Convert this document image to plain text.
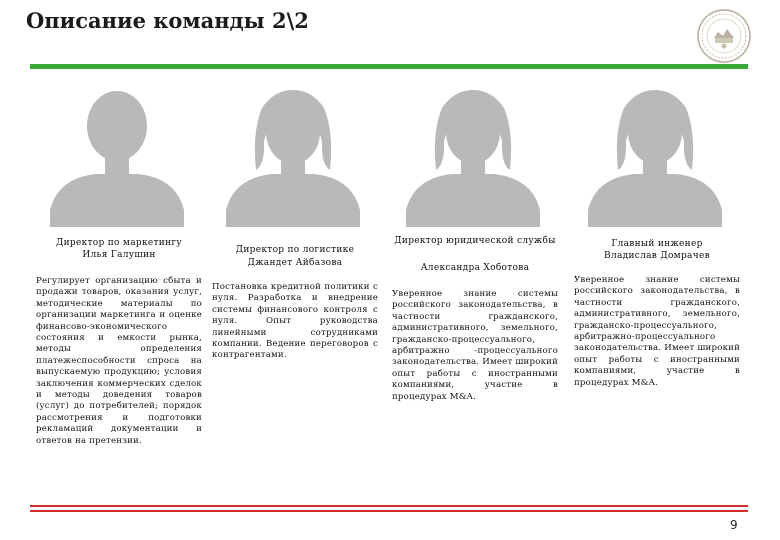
Описание команды 2\2
Директор по маркетингу
Илья Галушин
Регулирует организацию сбыта и продажи товаров, оказания услуг, методические материалы по организации маркетинга и оценке финансово-экономического состояния и емкости рынка, методы определения платежеспособности спроса на выпускаемую продукцию; условия заключения коммерческих сделок и методы доведения товаров (услуг) до потребителей; порядок рассмотрения и подготовки рекламаций документации и ответов на претензии.
Директор по логистике
Джандет Айбазова
Постановка кредитной политики с нуля. Разработка и внедрение системы финансового контроля с нуля. Опыт руководства линейными сотрудниками компании. Ведение переговоров с контрагентами.
Директор юридической службы
Александра Хоботова
Уверенное знание системы российского законодательства, в частности гражданского, административного, земельного, гражданско-процессуального, арбитражно -процессуального законодательства. Имеет широкий опыт работы с иностранными компаниями, участие в процедурах M&A.
Главный инженер
Владислав Домрачев
Уверенное знание системы российского законодательства, в частности гражданского, административного, земельного, гражданско-процессуального, арбитражно-процессуального законодательства. Имеет широкий опыт работы с иностранными компаниями, участие в процедурах M&A.
9
